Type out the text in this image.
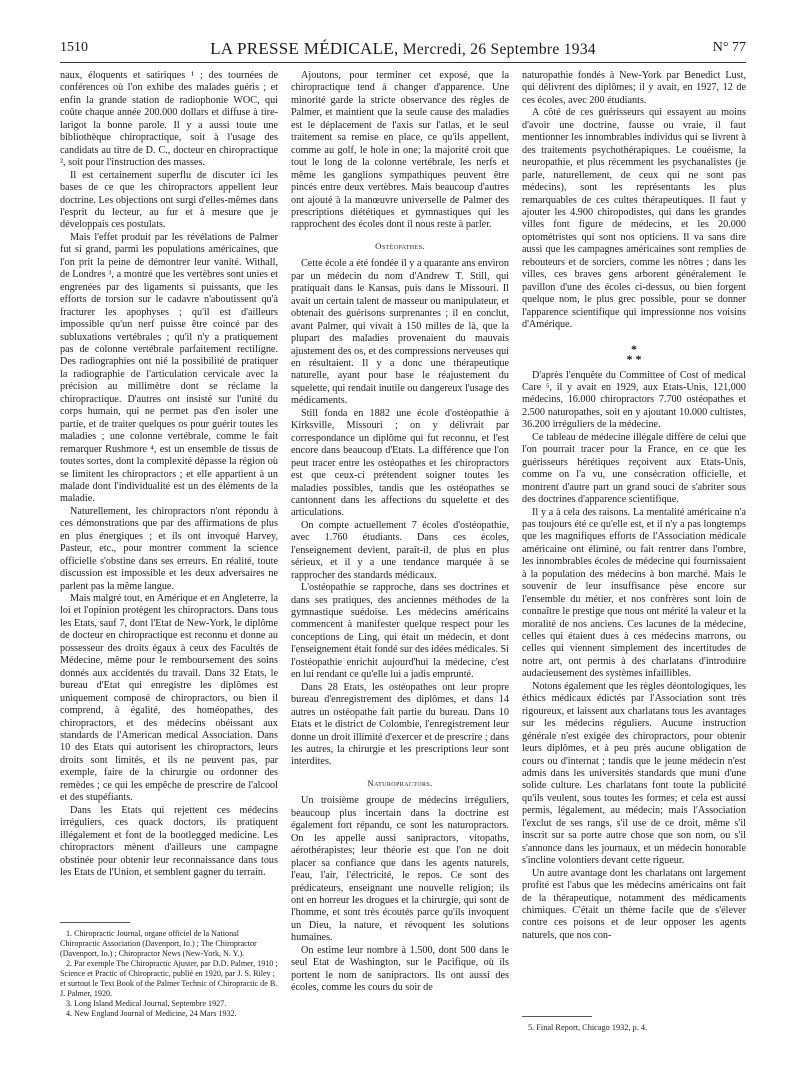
1510	LA PRESSE MÉDICALE, Mercredi, 26 Septembre 1934	N° 77

naux, éloquents et satiriques ¹ ; des tournées de conférences où l'on exhibe des malades guéris ; et enfin la grande station de radiophonie WOC, qui coûte chaque année 200.000 dollars et diffuse à tire-larigot la bonne parole. Il y a aussi toute une bibliothèque chiropractique, soit à l'usage des candidats au titre de D. C., docteur en chiropractique ², soit pour l'instruction des masses.

Il est certainement superflu de discuter ici les bases de ce que les chiropractors appellent leur doctrine. Les objections ont surgi d'elles-mêmes dans l'esprit du lecteur, au fur et à mesure que je développais ces postulats.

Mais l'effet produit par les révélations de Palmer fut si grand, parmi les populations américaines, que l'on prit la peine de démontrer leur vanité. Withall, de Londres ³, a montré que les vertèbres sont unies et engrenées par des ligaments si puissants, que les efforts de torsion sur le cadavre n'aboutissent qu'à fracturer les apophyses ; qu'il est d'ailleurs impossible qu'un nerf puisse être coincé par des subluxations vertébrales ; qu'il n'y a pratiquement pas de colonne vertébrale parfaitement rectiligne. Des radiographies ont nié la possibilité de pratiquer la radiographie de l'articulation cervicale avec la précision au millimètre dont se réclame la chiropractique. D'autres ont insisté sur l'unité du corps humain, qui ne permet pas d'en isoler une partie, et de traiter quelques os pour guérir toutes les maladies ; une colonne vertébrale, comme le fait remarquer Rushmore ⁴, est un ensemble de tissus de toutes sortes, dont la complexité dépasse la région où se limitent les chiropractors ; et elle appartient à un malade dont l'individualité est un des éléments de la maladie.

Naturellement, les chiropractors n'ont répondu à ces démonstrations que par des affirmations de plus en plus énergiques ; et ils ont invoqué Harvey, Pasteur, etc., pour montrer comment la science officielle s'obstine dans ses erreurs. En réalité, toute discussion est impossible et les deux adversaires ne parlent pas la même langue.

Mais malgré tout, en Amérique et en Angleterre, la loi et l'opinion protègent les chiropractors. Dans tous les Etats, sauf 7, dont l'Etat de New-York, le diplôme de docteur en chiropractique est reconnu et donne au possesseur des droits égaux à ceux des Facultés de Médecine, même pour le remboursement des soins donnés aux accidentés du travail. Dans 32 Etats, le bureau d'Etat qui enregistre les diplômes est uniquement composé de chiropractors, ou bien il comprend, à égalité, des homéopathes, des chiropractors, et des médecins obéissant aux standards de l'American medical Association. Dans 10 des Etats qui autorisent les chiropractors, leurs droits sont limités, et ils ne peuvent pas, par exemple, faire de la chirurgie ou ordonner des remèdes ; ce qui les empêche de prescrire de l'alcool et des stupéfiants.

Dans les Etats qui rejettent ces médecins irréguliers, ces quack doctors, ils pratiquent illégalement et font de la bootlegged medicine. Les chiropractors mènent d'ailleurs une campagne obstinée pour obtenir leur reconnaissance dans tous les Etats de l'Union, et semblent gagner du terrain.

1. Chiropractic Journal, organe officiel de la National Chiropractic Association (Davenport, Io.) ; The Chiropractor (Davenport, Io.) ; Chiropractor News (New-York, N. Y.).

2. Par exemple The Chiropractic Ajuster, par D.D. Palmer, 1910 ; Science et Practic of Chiropractic, publié en 1920, par J. S. Riley ; et surtout le Text Book of the Palmer Technic of Chiropractic de B. J. Palmer, 1920.

3. Long Island Medical Journal, Septembre 1927.

4. New England Journal of Medicine, 24 Mars 1932.

Ajoutons, pour terminer cet exposé, que la chiropractique tend à changer d'apparence. Une minorité garde la stricte observance des règles de Palmer, et maintient que la seule cause des maladies est le déplacement de l'axis sur l'atlas, et le seul traitement sa remise en place, ce qu'ils appellent, comme au golf, le hole in one; la majorité croit que tout le long de la colonne vertébrale, les nerfs et même les ganglions sympathiques peuvent être pincés entre deux vertèbres. Mais beaucoup d'autres ont ajouté à la manœuvre universelle de Palmer des prescriptions diététiques et gymnastiques qui les rapprochent des écoles dont il nous reste à parler.

Ostéopathes.

Cette école a été fondée il y a quarante ans environ par un médecin du nom d'Andrew T. Still, qui pratiquait dans le Kansas, puis dans le Missouri. Il avait un certain talent de masseur ou manipulateur, et obtenait des guérisons surprenantes ; il en conclut, avant Palmer, qui vivait à 150 milles de là, que la plupart des maladies provenaient du mauvais ajustement des os, et des compressions nerveuses qui en résultaient. Il y a donc une thérapeutique naturelle, ayant pour base le réajustement du squelette, qui rendait inutile ou dangereux l'usage des médicaments.

Still fonda en 1882 une école d'ostéopathie à Kirksville, Missouri ; on y délivrait par correspondance un diplôme qui fut reconnu, et l'est encore dans beaucoup d'Etats. La différence que l'on peut tracer entre les ostéopathes et les chiropractors est que ceux-ci prétendent soigner toutes les maladies possibles, tandis que les ostéopathes se cantonnent dans les affections du squelette et des articulations.

On compte actuellement 7 écoles d'ostéopathie, avec 1.760 étudiants. Dans ces écoles, l'enseignement devient, paraît-il, de plus en plus sérieux, et il y a une tendance marquée à se rapprocher des standards médicaux.

L'ostéopathie se rapproche, dans ses doctrines et dans ses pratiques, des anciennes méthodes de la gymnastique suédoise. Les médecins américains commencent à manifester quelque respect pour les conceptions de Ling, qui était un médecin, et dont l'enseignement était fondé sur des idées médicales. Si l'ostéopathie enrichit aujourd'hui la médecine, c'est en lui rendant ce qu'elle lui a jadis emprunté.

Dans 28 Etats, les ostéopathes ont leur propre bureau d'enregistrement des diplômes, et dans 14 autres un ostéopathe fait partie du bureau. Dans 10 Etats et le district de Colombie, l'enregistrement leur donne un droit illimité d'exercer et de prescrire ; dans les autres, la chirurgie et les prescriptions leur sont interdites.

Naturopractors.

Un troisième groupe de médecins irréguliers, beaucoup plus incertain dans la doctrine est également fort répandu, ce sont les naturopractors. On les appelle aussi sanipractors, vitopaths, aérothérapistes; leur théorie est que l'on ne doit placer sa confiance que dans les agents naturels, l'eau, l'air, l'électricité, le repos. Ce sont des prédicateurs, enseignant une nouvelle religion; ils ont en horreur les drogues et la chirurgie, qui sont de l'homme, et sont très écoutés parce qu'ils invoquent un Dieu, la nature, et révoquent les solutions humaines.

On estime leur nombre à 1.500, dont 500 dans le seul Etat de Washington, sur le Pacifique, où ils portent le nom de sanipractors. Ils ont aussi des écoles, comme les cours du soir de

naturopathie fondés à New-York par Benedict Lust, qui délivrent des diplômes; il y avait, en 1927, 12 de ces écoles, avec 200 étudiants.

A côté de ces guérisseurs qui essayent au moins d'avoir une doctrine, fausse ou vraie, il faut mentionner les innombrables individus qui se livrent à des traitements psychothérapiques. Le couéisme, la neuropathie, et plus récemment les psychanalistes (je parle, naturellement, de ceux qui ne sont pas médecins), sont les représentants les plus remarquables de ces cultes thérapeutiques. Il faut y ajouter les 4.900 chiropodistes, qui dans les grandes villes font figure de médecins, et les 20.000 optométristes qui sont nos opticiens. Il va sans dire aussi que les campagnes américaines sont remplies de rebouteurs et de sorciers, comme les nôtres ; dans les villes, ces braves gens arborent généralement le pavillon d'une des écoles ci-dessus, ou bien forgent quelque nom, le plus grec possible, pour se donner l'apparence scientifique qui impressionne nos voisins d'Amérique.

*
* *

D'après l'enquête du Committee of Cost of medical Care ⁵, il y avait en 1929, aux Etats-Unis, 121,000 médecins, 16.000 chiropractors 7.700 ostéopathes et 2.500 naturopathes, soit en y ajoutant 10.000 cultistes, 36.200 irréguliers de la médecine.

Ce tableau de médecine illégale diffère de celui que l'on pourrait tracer pour la France, en ce que les guérisseurs hérétiques reçoivent aux Etats-Unis, comme on l'a vu, une consécration officielle, et montrent d'autre part un grand souci de s'abriter sous des doctrines d'apparence scientifique.

Il y a à cela des raisons. La mentalité américaine n'a pas toujours été ce qu'elle est, et il n'y a pas longtemps que les magnifiques efforts de l'Association médicale américaine ont éliminé, ou fait rentrer dans l'ombre, les innombrables écoles de médecine qui fournissaient à la population des médecins à bon marché. Mais le souvenir de leur insuffisance pèse encore sur l'ensemble du métier, et nos confrères sont loin de connaître le prestige que nous ont mérité la valeur et la moralité de nos anciens. Ces lacunes de la médecine, celles qui étaient dues à ces médecins marrons, ou celles qui viennent simplement des incertitudes de notre art, ont permis à des charlatans d'introduire audacieusement des systèmes infaillibles.

Notons également que les règles déontologiques, les éthics médicaux édictés par l'Association sont très rigoureux, et laissent aux charlatans tous les avantages sur les médecins réguliers. Aucune instruction générale n'est exigée des chiropractors, pour obtenir leurs diplômes, et à peu près aucune obligation de cours ou d'internat ; tandis que le jeune médecin n'est admis dans les universités standards que muni d'une solide culture. Les charlatans font toute la publicité qu'ils veulent, sous toutes les formes; et cela est aussi permis, légalement, au médecin; mais l'Association l'exclut de ses rangs, s'il use de ce droit, même s'il inscrit sur sa porte autre chose que son nom, ou s'il s'annonce dans les journaux, et un médecin honorable s'incline volontiers devant cette rigueur.

Un autre avantage dont les charlatans ont largement profité est l'abus que les médecins américains ont fait de la thérapeutique, notamment des médicaments chimiques. C'était un thème facile que de s'élever contre ces poisons et de leur opposer les agents naturels, que nos con-

5. Final Report, Chicago 1932, p. 4.
